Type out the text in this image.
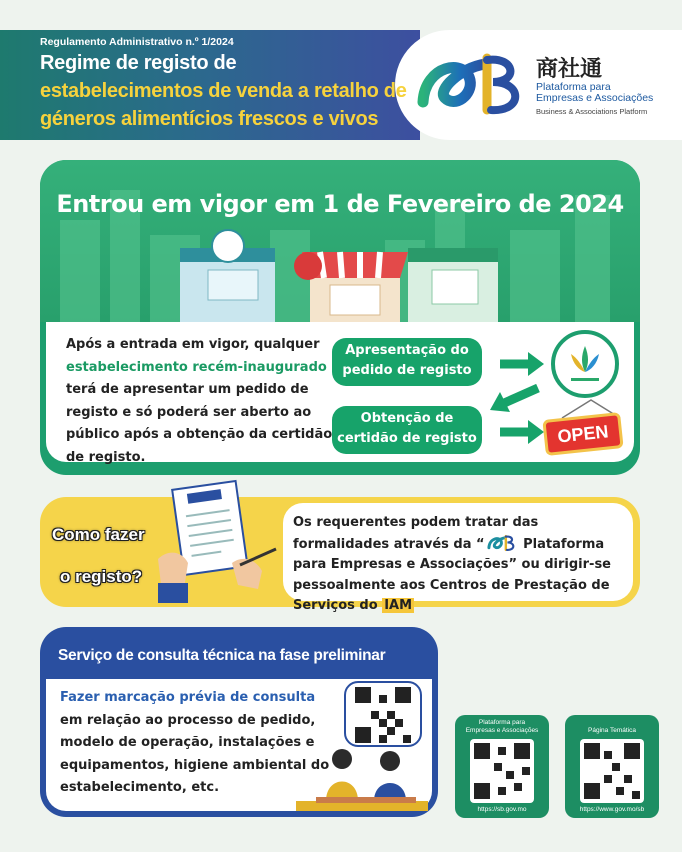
Regulamento Administrativo n.º 1/2024
Regime de registo de
estabelecimentos de venda a retalho de
géneros alimentícios frescos e vivos
商社通
Plataforma para
Empresas e Associações
Business & Associations Platform
Entrou em vigor em 1 de Fevereiro de 2024
Após a entrada em vigor, qualquer estabelecimento recém-inaugurado terá de apresentar um pedido de registo e só poderá ser aberto ao público após a obtenção da certidão de registo.
Apresentação do
pedido de registo
Obtenção de
certidão de registo	OPEN
Como fazer
o registo?
Os requerentes podem tratar das formalidades através da “	Plataforma para Empresas e Associações” ou dirigir-se pessoalmente aos Centros de Prestação de Serviços do IAM
Serviço de consulta técnica na fase preliminar
Fazer marcação prévia de consulta em relação ao processo de pedido, modelo de operação, instalações e equipamentos, higiene ambiental do estabelecimento, etc.
Plataforma para
Empresas e Associações
https://sb.gov.mo
Página Temática
https://www.gov.mo/sb
